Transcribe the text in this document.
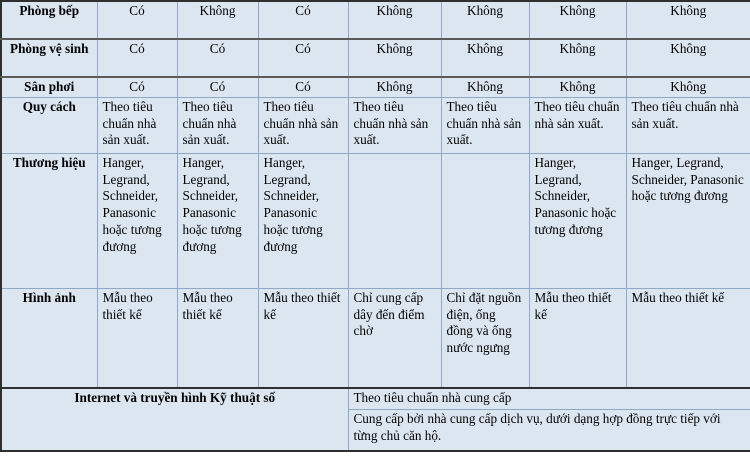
Phòng bếp	Có	Không	Có	Không	Không	Không	Không
Phòng vệ sinh	Có	Có	Có	Không	Không	Không	Không
Sân phơi	Có	Có	Có	Không	Không	Không	Không
Quy cách	Theo tiêu chuẩn nhà sản xuất.	Theo tiêu chuẩn nhà sản xuất.	Theo tiêu chuẩn nhà sản xuất.	Theo tiêu chuẩn nhà sản xuất.	Theo tiêu chuẩn nhà sản xuất.	Theo tiêu chuẩn nhà sản xuất.	Theo tiêu chuẩn nhà sản xuất.
Thương hiệu	Hanger, Legrand, Schneider, Panasonic hoặc tương đương	Hanger, Legrand, Schneider, Panasonic hoặc tương đương	Hanger, Legrand, Schneider, Panasonic hoặc tương đương			Hanger, Legrand, Schneider, Panasonic hoặc tương đương	Hanger, Legrand, Schneider, Panasonic hoặc tương đương
Hình ảnh	Mẫu theo thiết kế	Mẫu theo thiết kế	Mẫu theo thiết kế	Chỉ cung cấp dây đến điểm chờ	Chỉ đặt nguồn điện, ống đồng và ống nước ngưng	Mẫu theo thiết kế	Mẫu theo thiết kế
Internet và truyền hình Kỹ thuật số				Theo tiêu chuẩn nhà cung cấp			
				Cung cấp bởi nhà cung cấp dịch vụ, dưới dạng hợp đồng trực tiếp với từng chủ căn hộ.			
